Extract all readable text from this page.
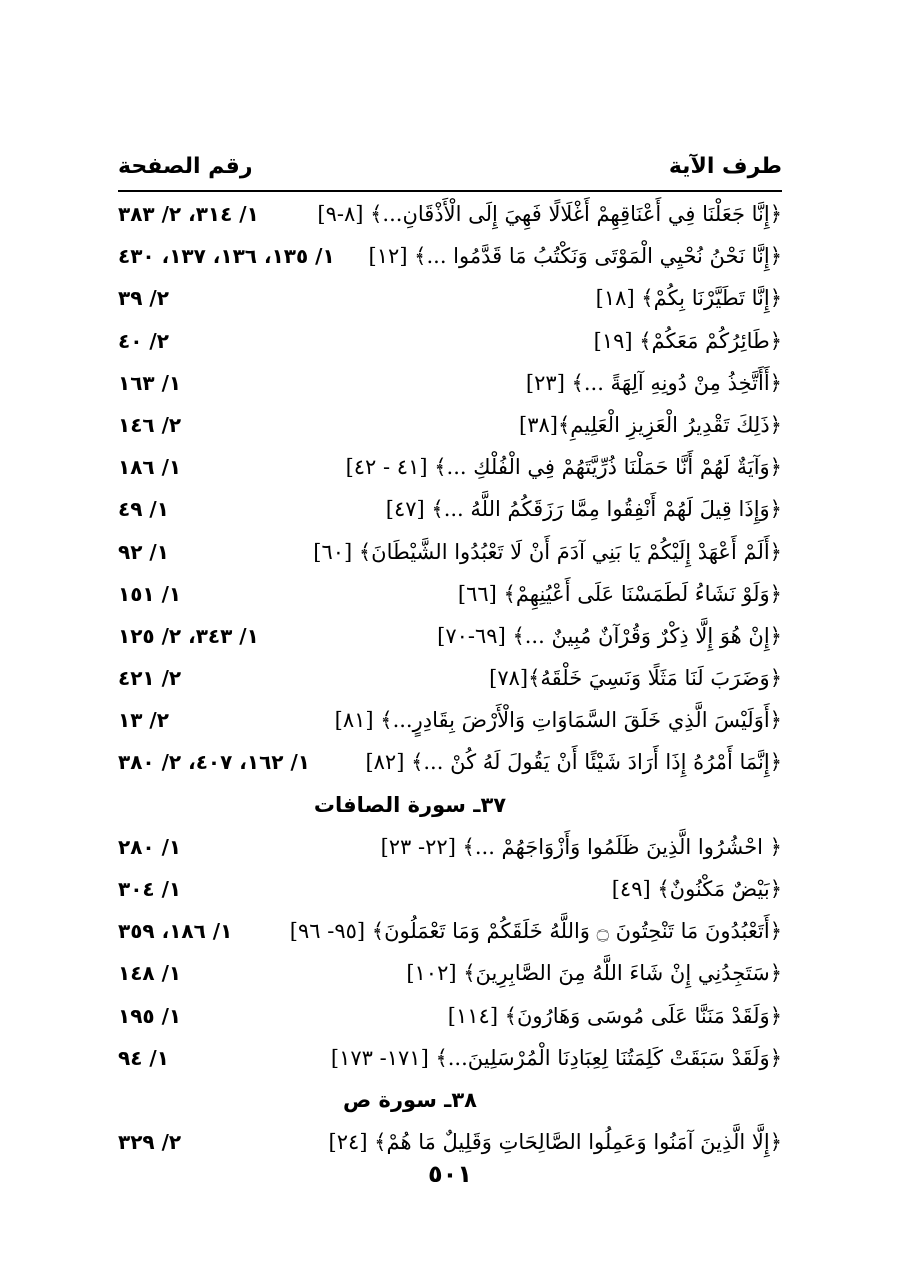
طرف الآية
رقم الصفحة
﴿إِنَّا جَعَلْنَا فِي أَعْنَاقِهِمْ أَغْلَالًا فَهِيَ إِلَى الْأَذْقَانِ...﴾ [٨-٩]
١/ ٣١٤، ٢/ ٣٨٣
﴿إِنَّا نَحْنُ نُحْيِي الْمَوْتَى وَنَكْتُبُ مَا قَدَّمُوا ...﴾ [١٢]
١/ ١٣٥، ١٣٦، ١٣٧، ٤٣٠
﴿إِنَّا تَطَيَّرْنَا بِكُمْ﴾ [١٨]
٢/ ٣٩
﴿طَائِرُكُمْ مَعَكُمْ﴾ [١٩]
٢/ ٤٠
﴿أَأَتَّخِذُ مِنْ دُونِهِ آلِهَةً ...﴾ [٢٣]
١/ ١٦٣
﴿ذَلِكَ تَقْدِيرُ الْعَزِيزِ الْعَلِيمِ﴾[٣٨]
٢/ ١٤٦
﴿وَآيَةٌ لَهُمْ أَنَّا حَمَلْنَا ذُرِّيَّتَهُمْ فِي الْفُلْكِ ...﴾ [٤١ - ٤٢]
١/ ١٨٦
﴿وَإِذَا قِيلَ لَهُمْ أَنْفِقُوا مِمَّا رَزَقَكُمُ اللَّهُ ...﴾ [٤٧]
١/ ٤٩
﴿أَلَمْ أَعْهَدْ إِلَيْكُمْ يَا بَنِي آدَمَ أَنْ لَا تَعْبُدُوا الشَّيْطَانَ﴾ [٦٠]
١/ ٩٢
﴿وَلَوْ نَشَاءُ لَطَمَسْنَا عَلَى أَعْيُنِهِمْ﴾ [٦٦]
١/ ١٥١
﴿إِنْ هُوَ إِلَّا ذِكْرٌ وَقُرْآنٌ مُبِينٌ ...﴾ [٦٩-٧٠]
١/ ٣٤٣، ٢/ ١٢٥
﴿وَضَرَبَ لَنَا مَثَلًا وَنَسِيَ خَلْقَهُ﴾[٧٨]
٢/ ٤٢١
﴿أَوَلَيْسَ الَّذِي خَلَقَ السَّمَاوَاتِ وَالْأَرْضَ بِقَادِرٍ...﴾ [٨١]
٢/ ١٣
﴿إِنَّمَا أَمْرُهُ إِذَا أَرَادَ شَيْئًا أَنْ يَقُولَ لَهُ كُنْ ...﴾ [٨٢]
١/ ١٦٢، ٤٠٧، ٢/ ٣٨٠
٣٧ـ سورة الصافات
﴿ احْشُرُوا الَّذِينَ ظَلَمُوا وَأَزْوَاجَهُمْ ...﴾ [٢٢- ٢٣]
١/ ٢٨٠
﴿بَيْضٌ مَكْنُونٌ﴾ [٤٩]
١/ ٣٠٤
﴿أَتَعْبُدُونَ مَا تَنْحِتُونَ ۝ وَاللَّهُ خَلَقَكُمْ وَمَا تَعْمَلُونَ﴾ [٩٥- ٩٦]
١/ ١٨٦، ٣٥٩
﴿سَتَجِدُنِي إِنْ شَاءَ اللَّهُ مِنَ الصَّابِرِينَ﴾ [١٠٢]
١/ ١٤٨
﴿وَلَقَدْ مَنَنَّا عَلَى مُوسَى وَهَارُونَ﴾ [١١٤]
١/ ١٩٥
﴿وَلَقَدْ سَبَقَتْ كَلِمَتُنَا لِعِبَادِنَا الْمُرْسَلِينَ...﴾ [١٧١- ١٧٣]
١/ ٩٤
٣٨ـ سورة ص
﴿إِلَّا الَّذِينَ آمَنُوا وَعَمِلُوا الصَّالِحَاتِ وَقَلِيلٌ مَا هُمْ﴾ [٢٤]
٢/ ٣٢٩
٥٠١
